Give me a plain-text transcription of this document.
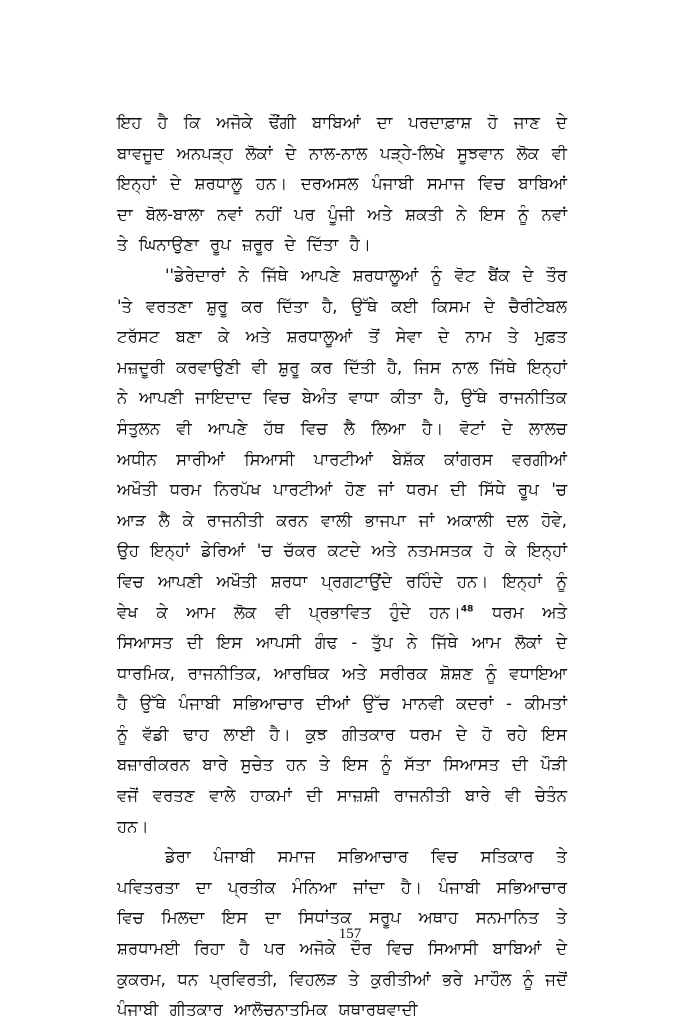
ਇਹ ਹੈ ਕਿ ਅਜੋਕੇ ਢੌਂਗੀ ਬਾਬਿਆਂ ਦਾ ਪਰਦਾਫ਼ਾਸ਼ ਹੋ ਜਾਣ ਦੇ ਬਾਵਜੂਦ ਅਨਪੜ੍ਹ ਲੋਕਾਂ ਦੇ ਨਾਲ-ਨਾਲ ਪੜ੍ਹੇ-ਲਿਖੇ ਸੂਝਵਾਨ ਲੋਕ ਵੀ ਇਨ੍ਹਾਂ ਦੇ ਸ਼ਰਧਾਲੂ ਹਨ। ਦਰਅਸਲ ਪੰਜਾਬੀ ਸਮਾਜ ਵਿਚ ਬਾਬਿਆਂ ਦਾ ਬੋਲ-ਬਾਲਾ ਨਵਾਂ ਨਹੀਂ ਪਰ ਪੂੰਜੀ ਅਤੇ ਸ਼ਕਤੀ ਨੇ ਇਸ ਨੂੰ ਨਵਾਂ ਤੇ ਘਿਨਾਉਣਾ ਰੂਪ ਜ਼ਰੂਰ ਦੇ ਦਿੱਤਾ ਹੈ।

''ਡੇਰੇਦਾਰਾਂ ਨੇ ਜਿੱਥੇ ਆਪਣੇ ਸ਼ਰਧਾਲੂਆਂ ਨੂੰ ਵੋਟ ਬੈਂਕ ਦੇ ਤੌਰ 'ਤੇ ਵਰਤਣਾ ਸ਼ੁਰੂ ਕਰ ਦਿੱਤਾ ਹੈ, ਉੱਥੇ ਕਈ ਕਿਸਮ ਦੇ ਚੈਰੀਟੇਬਲ ਟਰੱਸਟ ਬਣਾ ਕੇ ਅਤੇ ਸ਼ਰਧਾਲੂਆਂ ਤੋਂ ਸੇਵਾ ਦੇ ਨਾਮ ਤੇ ਮੁਫ਼ਤ ਮਜ਼ਦੂਰੀ ਕਰਵਾਉਣੀ ਵੀ ਸ਼ੁਰੂ ਕਰ ਦਿੱਤੀ ਹੈ, ਜਿਸ ਨਾਲ ਜਿੱਥੇ ਇਨ੍ਹਾਂ ਨੇ ਆਪਣੀ ਜਾਇਦਾਦ ਵਿਚ ਬੇਅੰਤ ਵਾਧਾ ਕੀਤਾ ਹੈ, ਉੱਥੇ ਰਾਜਨੀਤਿਕ ਸੰਤੁਲਨ ਵੀ ਆਪਣੇ ਹੱਥ ਵਿਚ ਲੈ ਲਿਆ ਹੈ। ਵੋਟਾਂ ਦੇ ਲਾਲਚ ਅਧੀਨ ਸਾਰੀਆਂ ਸਿਆਸੀ ਪਾਰਟੀਆਂ ਬੇਸ਼ੱਕ ਕਾਂਗਰਸ ਵਰਗੀਆਂ ਅਖੌਤੀ ਧਰਮ ਨਿਰਪੱਖ ਪਾਰਟੀਆਂ ਹੋਣ ਜਾਂ ਧਰਮ ਦੀ ਸਿੱਧੇ ਰੂਪ 'ਚ ਆੜ ਲੈ ਕੇ ਰਾਜਨੀਤੀ ਕਰਨ ਵਾਲੀ ਭਾਜਪਾ ਜਾਂ ਅਕਾਲੀ ਦਲ ਹੋਵੇ, ਉਹ ਇਨ੍ਹਾਂ ਡੇਰਿਆਂ 'ਚ ਚੱਕਰ ਕਟਦੇ ਅਤੇ ਨਤਮਸਤਕ ਹੋ ਕੇ ਇਨ੍ਹਾਂ ਵਿਚ ਆਪਣੀ ਅਖੌਤੀ ਸ਼ਰਧਾ ਪ੍ਰਗਟਾਉਂਦੇ ਰਹਿੰਦੇ ਹਨ। ਇਨ੍ਹਾਂ ਨੂੰ ਵੇਖ ਕੇ ਆਮ ਲੋਕ ਵੀ ਪ੍ਰਭਾਵਿਤ ਹੁੰਦੇ ਹਨ।$^{48}$ ਧਰਮ ਅਤੇ ਸਿਆਸਤ ਦੀ ਇਸ ਆਪਸੀ ਗੰਢ - ਤੁੱਪ ਨੇ ਜਿੱਥੇ ਆਮ ਲੋਕਾਂ ਦੇ ਧਾਰਮਿਕ, ਰਾਜਨੀਤਿਕ, ਆਰਥਿਕ ਅਤੇ ਸਰੀਰਕ ਸ਼ੋਸ਼ਣ ਨੂੰ ਵਧਾਇਆ ਹੈ ਉੱਥੇ ਪੰਜਾਬੀ ਸਭਿਆਚਾਰ ਦੀਆਂ ਉੱਚ ਮਾਨਵੀ ਕਦਰਾਂ - ਕੀਮਤਾਂ ਨੂੰ ਵੱਡੀ ਢਾਹ ਲਾਈ ਹੈ। ਕੁਝ ਗੀਤਕਾਰ ਧਰਮ ਦੇ ਹੋ ਰਹੇ ਇਸ ਬਜ਼ਾਰੀਕਰਨ ਬਾਰੇ ਸੁਚੇਤ ਹਨ ਤੇ ਇਸ ਨੂੰ ਸੱਤਾ ਸਿਆਸਤ ਦੀ ਪੌੜੀ ਵਜੋਂ ਵਰਤਣ ਵਾਲੇ ਹਾਕਮਾਂ ਦੀ ਸਾਜ਼ਸ਼ੀ ਰਾਜਨੀਤੀ ਬਾਰੇ ਵੀ ਚੇਤੰਨ ਹਨ।

ਡੇਰਾ ਪੰਜਾਬੀ ਸਮਾਜ ਸਭਿਆਚਾਰ ਵਿਚ ਸਤਿਕਾਰ ਤੇ ਪਵਿਤਰਤਾ ਦਾ ਪ੍ਰਤੀਕ ਮੰਨਿਆ ਜਾਂਦਾ ਹੈ। ਪੰਜਾਬੀ ਸਭਿਆਚਾਰ ਵਿਚ ਮਿਲਦਾ ਇਸ ਦਾ ਸਿਧਾਂਤਕ ਸਰੂਪ ਅਥਾਹ ਸਨਮਾਨਿਤ ਤੇ ਸ਼ਰਧਾਮਈ ਰਿਹਾ ਹੈ ਪਰ ਅਜੋਕੇ ਦੌਰ ਵਿਚ ਸਿਆਸੀ ਬਾਬਿਆਂ ਦੇ ਕੁਕਰਮ, ਧਨ ਪ੍ਰਵਿਰਤੀ, ਵਿਹਲੜ ਤੇ ਕੁਰੀਤੀਆਂ ਭਰੇ ਮਾਹੌਲ ਨੂੰ ਜਦੋਂ ਪੰਜਾਬੀ ਗੀਤਕਾਰ ਆਲੋਚਨਾਤਮਿਕ ਯਥਾਰਥਵਾਦੀ

157
